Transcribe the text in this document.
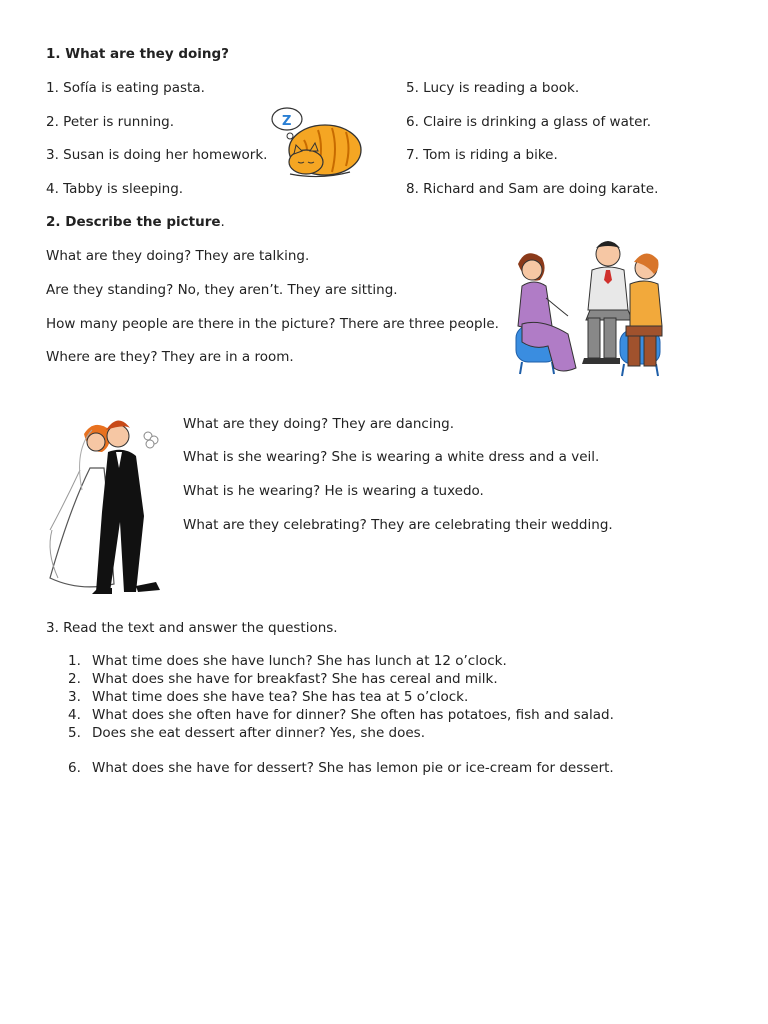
1. What are they doing?
1. Sofía is eating pasta.
2. Peter is running.
3. Susan is doing her homework.
4. Tabby is sleeping.
5. Lucy is reading a book.
6. Claire is drinking a glass of water.
7. Tom is riding a bike.
8. Richard and Sam are doing karate.
Z
2. Describe the picture.
What are they doing? They are talking.
Are they standing? No, they aren’t. They are sitting.
How many people are there in the picture? There are three people.
Where are they? They are in a room.
What are they doing? They are dancing.
What is she wearing? She is wearing a white dress and a veil.
What is he wearing? He is wearing a tuxedo.
What are they celebrating? They are celebrating their wedding.
3. Read the text and answer the questions.
1. What time does she have lunch? She has lunch at 12 o’clock.
2. What does she have for breakfast? She has cereal and milk.
3. What time does she have tea? She has tea at 5 o’clock.
4. What does she often have for dinner? She often has potatoes, fish and salad.
5. Does she eat dessert after dinner? Yes, she does.
6. What does she have for dessert? She has lemon pie or ice-cream for dessert.
